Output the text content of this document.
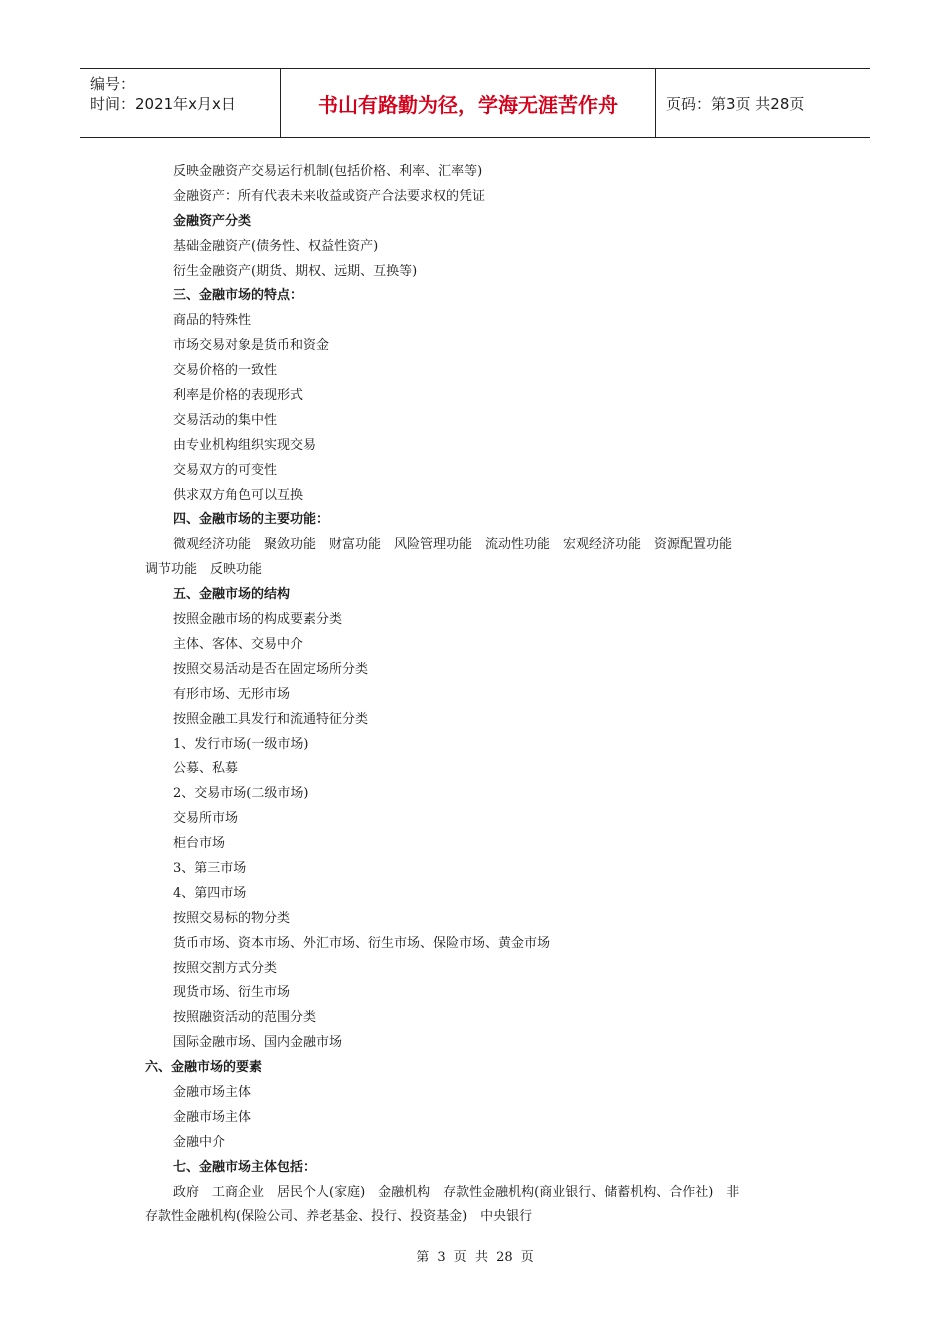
编号：
时间：2021年x月x日	书山有路勤为径，学海无涯苦作舟	页码：第3页 共28页
反映金融资产交易运行机制(包括价格、利率、汇率等)
金融资产：所有代表未来收益或资产合法要求权的凭证
金融资产分类
基础金融资产(债务性、权益性资产)
衍生金融资产(期货、期权、远期、互换等)
三、金融市场的特点：
商品的特殊性
市场交易对象是货币和资金
交易价格的一致性
利率是价格的表现形式
交易活动的集中性
由专业机构组织实现交易
交易双方的可变性
供求双方角色可以互换
四、金融市场的主要功能：

微观经济功能　聚敛功能　财富功能　风险管理功能　流动性功能　宏观经济功能　资源配置功能

调节功能　反映功能

五、金融市场的结构
按照金融市场的构成要素分类
主体、客体、交易中介
按照交易活动是否在固定场所分类
有形市场、无形市场
按照金融工具发行和流通特征分类
1、发行市场(一级市场)
公募、私募
2、交易市场(二级市场)
交易所市场
柜台市场
3、第三市场
4、第四市场
按照交易标的物分类
货币市场、资本市场、外汇市场、衍生市场、保险市场、黄金市场
按照交割方式分类
现货市场、衍生市场
按照融资活动的范围分类
国际金融市场、国内金融市场
六、金融市场的要素
金融市场主体
金融市场主体
金融中介
七、金融市场主体包括：

政府　工商企业　居民个人(家庭)　金融机构　存款性金融机构(商业银行、储蓄机构、合作社)　非

存款性金融机构(保险公司、养老基金、投行、投资基金)　中央银行

第 3 页 共 28 页
